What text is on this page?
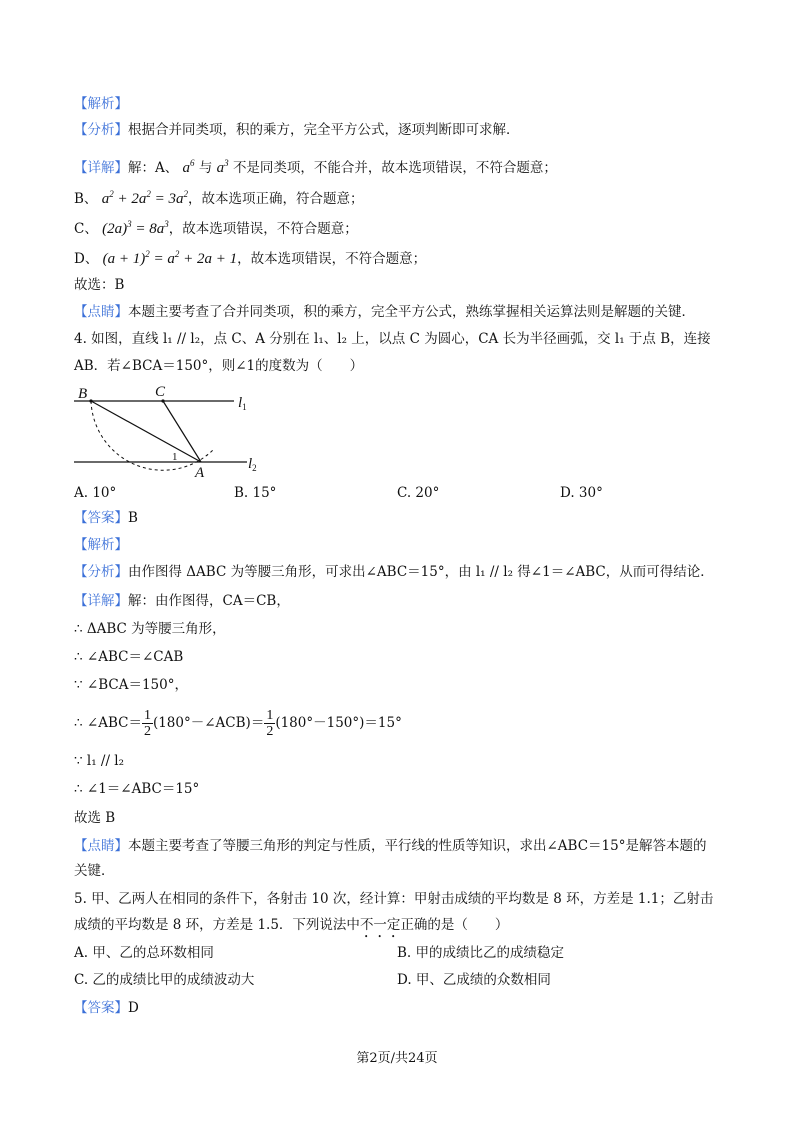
【解析】
【分析】根据合并同类项，积的乘方，完全平方公式，逐项判断即可求解．
【详解】解：A、 $a^6$ 与 $a^3$ 不是同类项，不能合并，故本选项错误，不符合题意；
B、 $a^2 + 2a^2 = 3a^2$，故本选项正确，符合题意；
C、 $(2a)^3 = 8a^3$，故本选项错误，不符合题意；
D、 $(a + 1)^2 = a^2 + 2a + 1$，故本选项错误，不符合题意；
故选：B
【点睛】本题主要考查了合并同类项，积的乘方，完全平方公式，熟练掌握相关运算法则是解题的关键．
4. 如图，直线 l₁ // l₂，点 C、A 分别在 l₁、l₂ 上，以点 C 为圆心，CA 长为半径画弧，交 l₁ 于点 B，连接
AB．若∠BCA＝150°，则∠1的度数为（　　）
B	C
A
1
$l_1$
$l_2$
A. 10°	B. 15°	C. 20°	D. 30°
【答案】B
【解析】
【分析】由作图得 ΔABC 为等腰三角形，可求出∠ABC＝15°，由 l₁ // l₂ 得∠1＝∠ABC，从而可得结论．
【详解】解：由作图得，CA＝CB，
∴ ΔABC 为等腰三角形，
∴ ∠ABC＝∠CAB
∵ ∠BCA＝150°，
∴ ∠ABC＝ $\frac{1}{2}$ (180°－∠ACB)＝ $\frac{1}{2} (180^\circ-150^\circ)=15^\circ$
∵ l₁ // l₂
∴ ∠1＝∠ABC＝15°
故选 B
【点睛】本题主要考查了等腰三角形的判定与性质，平行线的性质等知识，求出∠ABC＝15°是解答本题的
关键．
5. 甲、乙两人在相同的条件下，各射击 10 次，经计算：甲射击成绩的平均数是 8 环，方差是 1.1；乙射击
成绩的平均数是 8 环，方差是 1.5．下列说法中不一定正确的是（　　）
A. 甲、乙的总环数相同	B. 甲的成绩比乙的成绩稳定
C. 乙的成绩比甲的成绩波动大	D. 甲、乙成绩的众数相同
【答案】D
第2页/共24页
